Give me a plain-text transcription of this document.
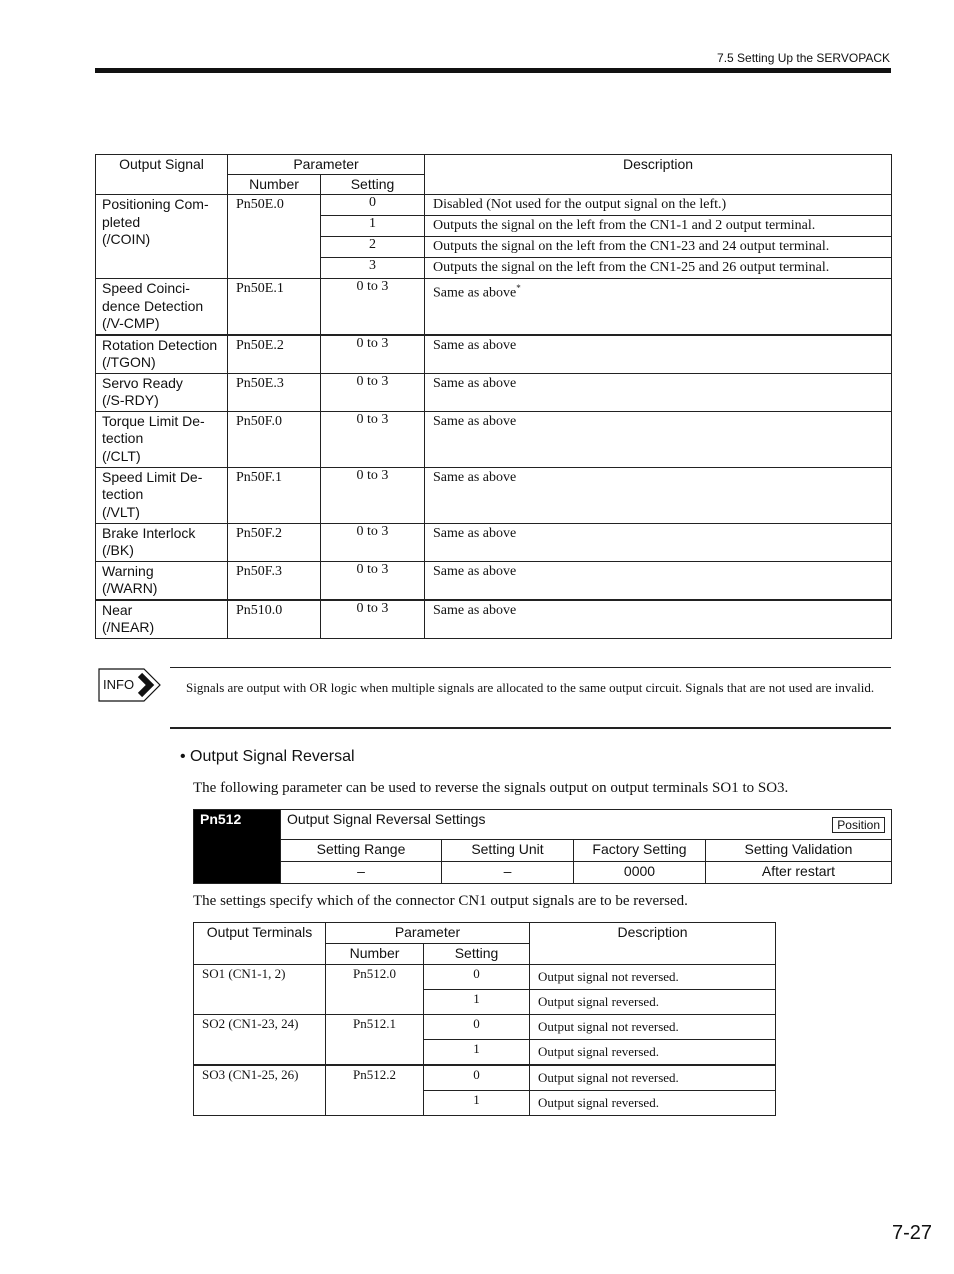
7.5 Setting Up the SERVOPACK
Output Signal	Parameter		Description
	Number	Setting	
Positioning Com-
pleted
(/COIN)	Pn50E.0	0	Disabled (Not used for the output signal on the left.)
		1	Outputs the signal on the left from the CN1-1 and 2 output terminal.
		2	Outputs the signal on the left from the CN1-23 and 24 output terminal.
		3	Outputs the signal on the left from the CN1-25 and 26 output terminal.
Speed Coinci-
dence Detection
(/V-CMP)	Pn50E.1	0 to 3	Same as above*
Rotation Detection
(/TGON)	Pn50E.2	0 to 3	Same as above
Servo Ready
(/S-RDY)	Pn50E.3	0 to 3	Same as above
Torque Limit De-
tection
(/CLT)	Pn50F.0	0 to 3	Same as above
Speed Limit De-
tection
(/VLT)	Pn50F.1	0 to 3	Same as above
Brake Interlock
(/BK)	Pn50F.2	0 to 3	Same as above
Warning
(/WARN)	Pn50F.3	0 to 3	Same as above
Near
(/NEAR)	Pn510.0	0 to 3	Same as above
INFO	Signals are output with OR logic when multiple signals are allocated to the same output circuit. Signals that are not used are invalid.
• Output Signal Reversal
The following parameter can be used to reverse the signals output on output terminals SO1 to SO3.
Pn512	Output Signal Reversal Settings Position			

	Setting Range	Setting Unit	Factory Setting	Setting Validation
	–	–	0000	After restart
The settings specify which of the connector CN1 output signals are to be reversed.
Output Terminals	Parameter		Description
	Number	Setting	
SO1 (CN1-1, 2)	Pn512.0	0	Output signal not reversed.
		1	Output signal reversed.
SO2 (CN1-23, 24)	Pn512.1	0	Output signal not reversed.
		1	Output signal reversed.
SO3 (CN1-25, 26)	Pn512.2	0	Output signal not reversed.
		1	Output signal reversed.
7-27
